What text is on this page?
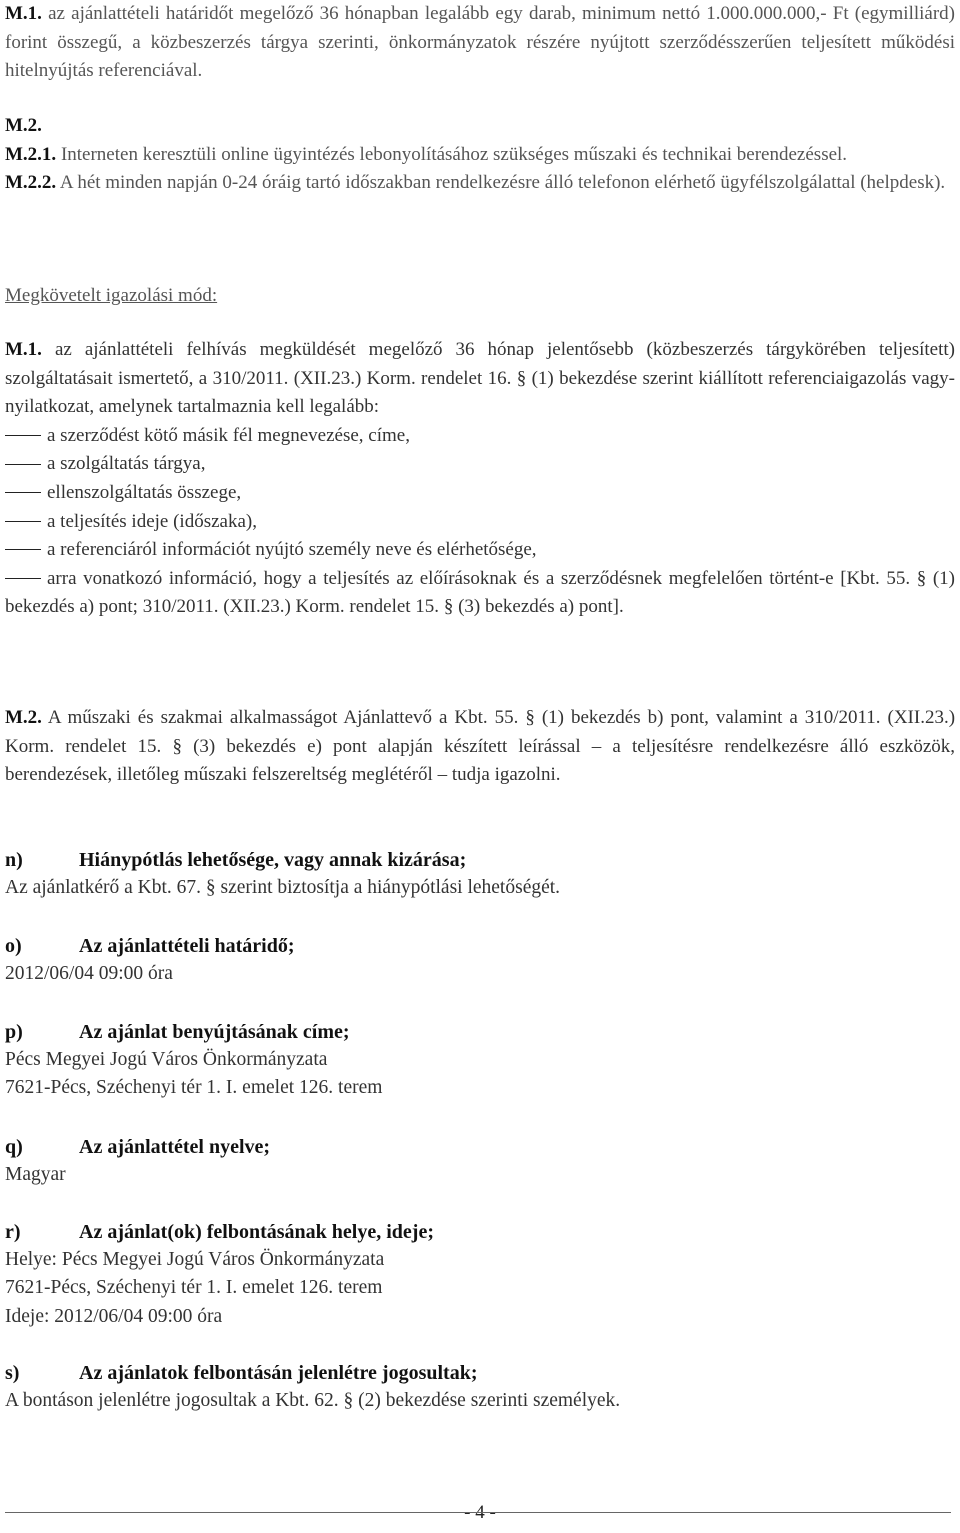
M.1. az ajánlattételi határidőt megelőző 36 hónapban legalább egy darab, minimum nettó 1.000.000.000,- Ft (egymilliárd) forint összegű, a közbeszerzés tárgya szerinti, önkormányzatok részére nyújtott szerződésszerűen teljesített működési hitelnyújtás referenciával.

M.2.

M.2.1. Interneten keresztüli online ügyintézés lebonyolításához szükséges műszaki és technikai berendezéssel.

M.2.2. A hét minden napján 0-24 óráig tartó időszakban rendelkezésre álló telefonon elérhető ügyfélszolgálattal (helpdesk).

Megkövetelt igazolási mód:

M.1. az ajánlattételi felhívás megküldését megelőző 36 hónap jelentősebb (közbeszerzés tárgykörében teljesített) szolgáltatásait ismertető, a 310/2011. (XII.23.) Korm. rendelet 16. § (1) bekezdése szerint kiállított referenciaigazolás vagy- nyilatkozat, amelynek tartalmaznia kell legalább:

a szerződést kötő másik fél megnevezése, címe,
a szolgáltatás tárgya,
ellenszolgáltatás összege,
a teljesítés ideje (időszaka),
a referenciáról információt nyújtó személy neve és elérhetősége,

arra vonatkozó információ, hogy a teljesítés az előírásoknak és a szerződésnek megfelelően történt-e [Kbt. 55. § (1) bekezdés a) pont; 310/2011. (XII.23.) Korm. rendelet 15. § (3) bekezdés a) pont].

M.2. A műszaki és szakmai alkalmasságot Ajánlattevő a Kbt. 55. § (1) bekezdés b) pont, valamint a 310/2011. (XII.23.) Korm. rendelet 15. § (3) bekezdés e) pont alapján készített leírással – a teljesítésre rendelkezésre álló eszközök, berendezések, illetőleg műszaki felszereltség meglétéről – tudja igazolni.

n)	Hiánypótlás lehetősége, vagy annak kizárása;

Az ajánlatkérő a Kbt. 67. § szerint biztosítja a hiánypótlási lehetőségét.

o)	Az ajánlattételi határidő;

2012/06/04 09:00 óra

p)	Az ajánlat benyújtásának címe;

Pécs Megyei Jogú Város Önkormányzata

7621-Pécs, Széchenyi tér 1. I. emelet 126. terem

q)	Az ajánlattétel nyelve;

Magyar

r)	Az ajánlat(ok) felbontásának helye, ideje;

Helye: Pécs Megyei Jogú Város Önkormányzata

7621-Pécs, Széchenyi tér 1. I. emelet 126. terem

Ideje: 2012/06/04 09:00 óra

s)	Az ajánlatok felbontásán jelenlétre jogosultak;

A bontáson jelenlétre jogosultak a Kbt. 62. § (2) bekezdése szerinti személyek.

- 4 -
